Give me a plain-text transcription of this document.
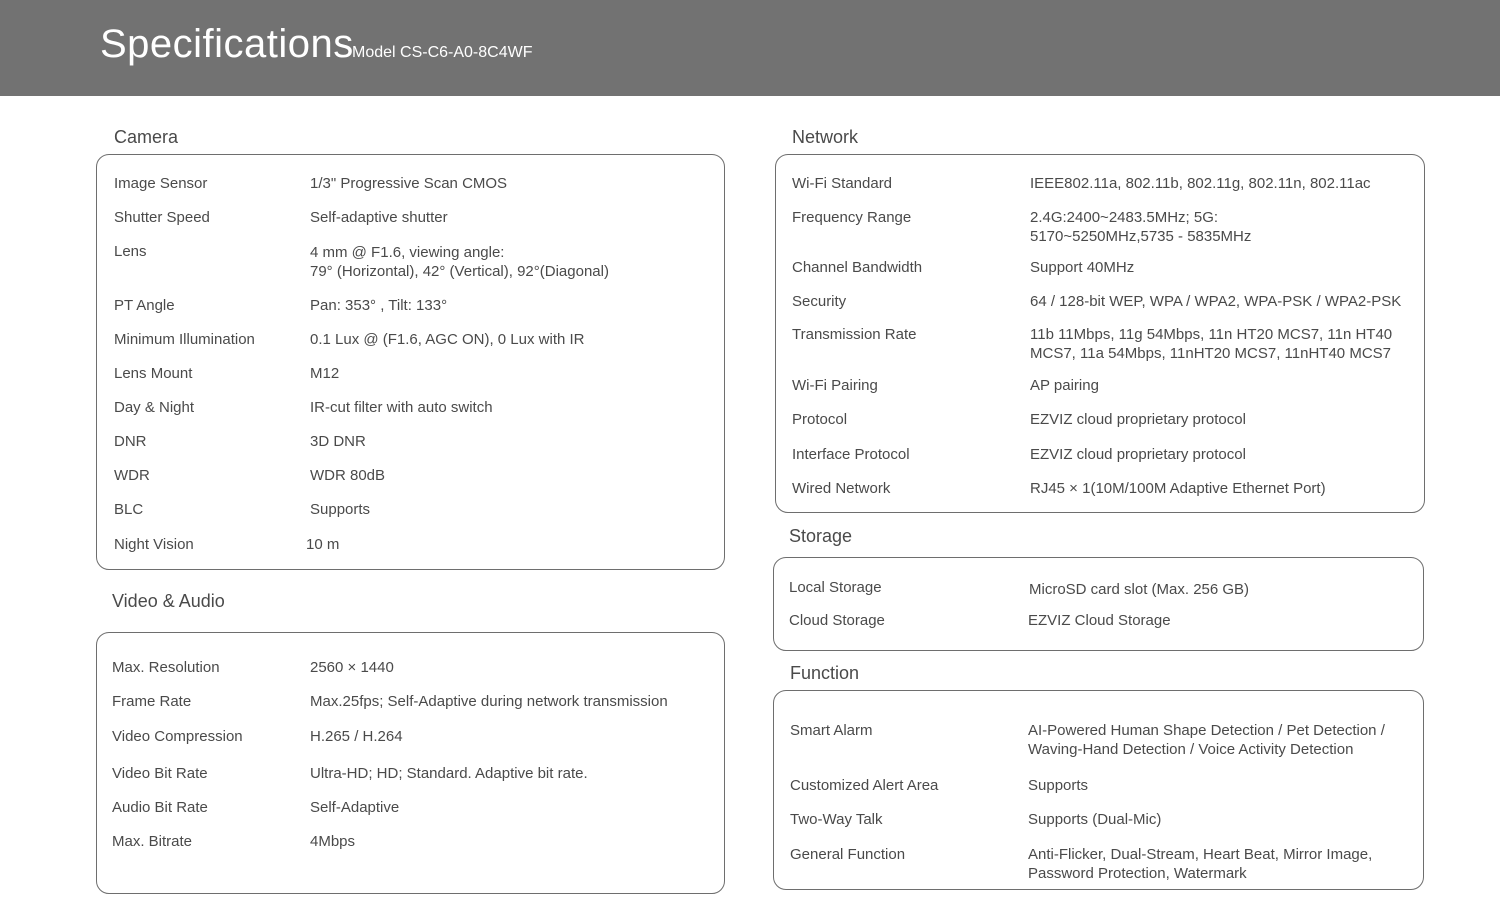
Specifications
Model CS-C6-A0-8C4WF
Camera
Image Sensor	1/3" Progressive Scan CMOS
Shutter Speed	Self-adaptive shutter
Lens	4 mm @ F1.6, viewing angle:
79° (Horizontal), 42° (Vertical), 92°(Diagonal)
PT Angle	Pan: 353° , Tilt: 133°
Minimum Illumination	0.1 Lux @ (F1.6, AGC ON), 0 Lux with IR
Lens Mount	M12
Day & Night	IR-cut filter with auto switch
DNR	3D DNR
WDR	WDR 80dB
BLC	Supports
Night Vision	10 m
Video & Audio
Max. Resolution	2560 × 1440
Frame Rate	Max.25fps; Self-Adaptive during network transmission
Video Compression	H.265 / H.264
Video Bit Rate	Ultra-HD; HD; Standard. Adaptive bit rate.
Audio Bit Rate	Self-Adaptive
Max. Bitrate	4Mbps
Network
Wi-Fi Standard	IEEE802.11a, 802.11b, 802.11g, 802.11n, 802.11ac
Frequency Range	2.4G:2400~2483.5MHz; 5G:
5170~5250MHz,5735 - 5835MHz
Channel Bandwidth	Support 40MHz
Security	64 / 128-bit WEP, WPA / WPA2, WPA-PSK / WPA2-PSK
Transmission Rate	11b 11Mbps, 11g 54Mbps, 11n HT20 MCS7, 11n HT40
MCS7, 11a 54Mbps, 11nHT20 MCS7, 11nHT40 MCS7
Wi-Fi Pairing	AP pairing
Protocol	EZVIZ cloud proprietary protocol
Interface Protocol	EZVIZ cloud proprietary protocol
Wired Network	RJ45 × 1(10M/100M Adaptive Ethernet Port)
Storage
Local Storage	MicroSD card slot (Max. 256 GB)
Cloud Storage	EZVIZ Cloud Storage
Function
Smart Alarm	AI-Powered Human Shape Detection / Pet Detection /
Waving-Hand Detection / Voice Activity Detection
Customized Alert Area	Supports
Two-Way Talk	Supports (Dual-Mic)
General Function	Anti-Flicker, Dual-Stream, Heart Beat, Mirror Image,
Password Protection, Watermark
